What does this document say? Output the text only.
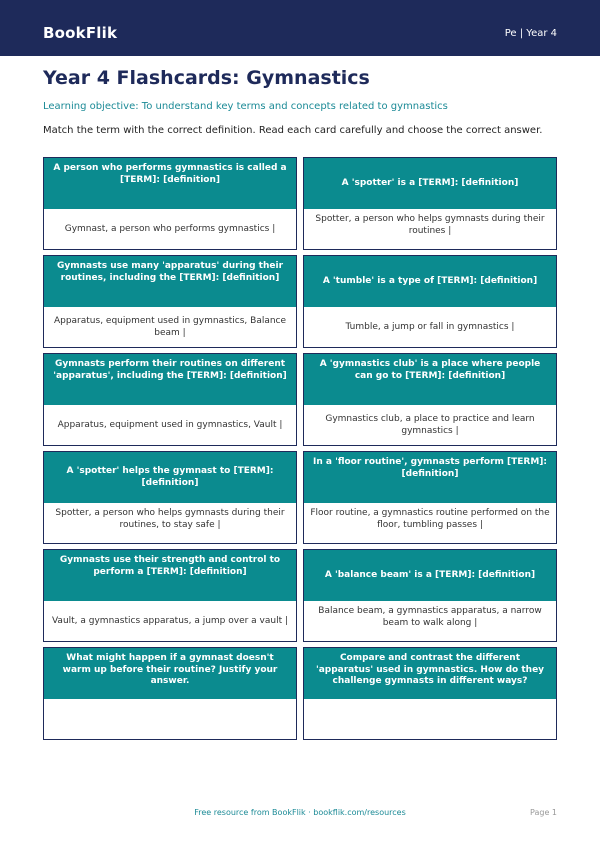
BookFlik	Pe | Year 4
Year 4 Flashcards: Gymnastics
Learning objective: To understand key terms and concepts related to gymnastics
Match the term with the correct definition. Read each card carefully and choose the correct answer.
A person who performs gymnastics is called a [TERM]: [definition]
Gymnast, a person who performs gymnastics |
A 'spotter' is a [TERM]: [definition]
Spotter, a person who helps gymnasts during their routines |
Gymnasts use many 'apparatus' during their routines, including the [TERM]: [definition]
Apparatus, equipment used in gymnastics, Balance beam |
A 'tumble' is a type of [TERM]: [definition]
Tumble, a jump or fall in gymnastics |
Gymnasts perform their routines on different 'apparatus', including the [TERM]: [definition]
Apparatus, equipment used in gymnastics, Vault |
A 'gymnastics club' is a place where people can go to [TERM]: [definition]
Gymnastics club, a place to practice and learn gymnastics |
A 'spotter' helps the gymnast to [TERM]: [definition]
Spotter, a person who helps gymnasts during their routines, to stay safe |
In a 'floor routine', gymnasts perform [TERM]: [definition]
Floor routine, a gymnastics routine performed on the floor, tumbling passes |
Gymnasts use their strength and control to perform a [TERM]: [definition]
Vault, a gymnastics apparatus, a jump over a vault |
A 'balance beam' is a [TERM]: [definition]
Balance beam, a gymnastics apparatus, a narrow beam to walk along |
What might happen if a gymnast doesn't warm up before their routine? Justify your answer.
Compare and contrast the different 'apparatus' used in gymnastics. How do they challenge gymnasts in different ways?
Free resource from BookFlik · bookflik.com/resources	Page 1
